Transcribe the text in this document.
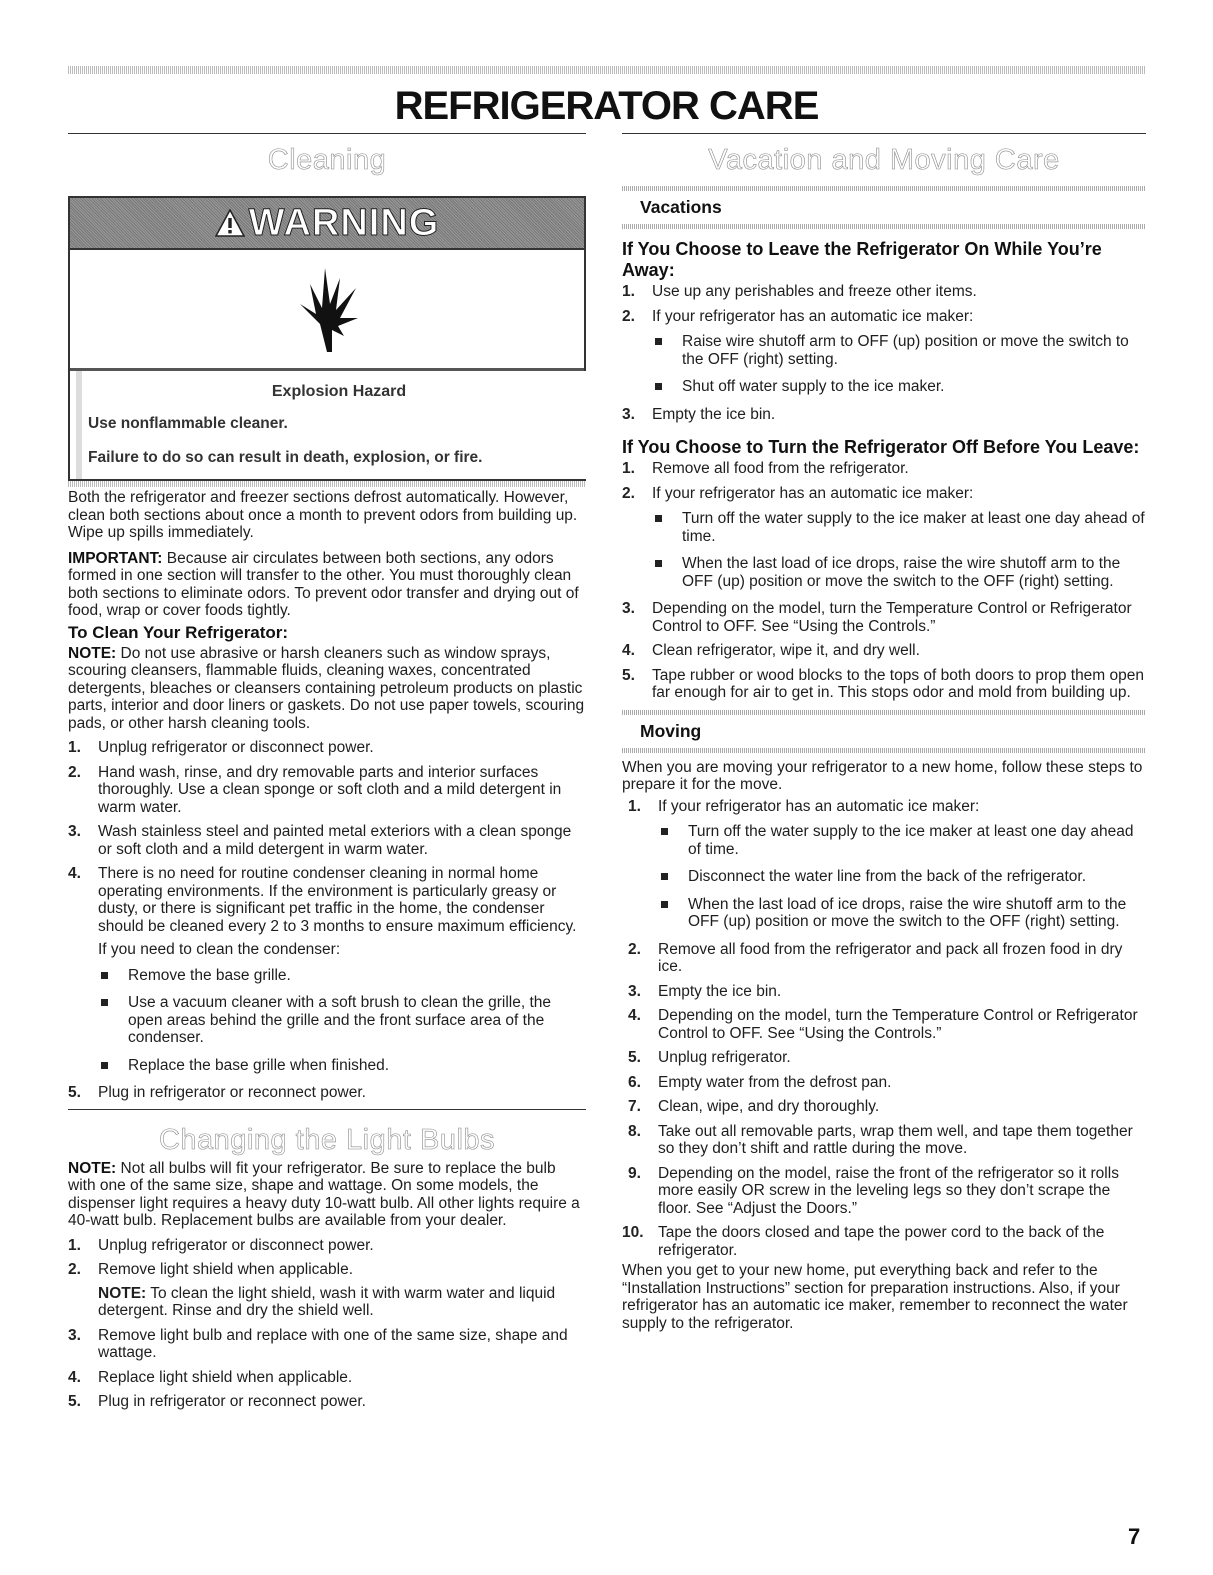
REFRIGERATOR CARE
Cleaning
WARNING
Explosion Hazard
Use nonflammable cleaner.
Failure to do so can result in death, explosion, or fire.

Both the refrigerator and freezer sections defrost automatically. However, clean both sections about once a month to prevent odors from building up. Wipe up spills immediately.

IMPORTANT: Because air circulates between both sections, any odors formed in one section will transfer to the other. You must thoroughly clean both sections to eliminate odors. To prevent odor transfer and drying out of food, wrap or cover foods tightly.

To Clean Your Refrigerator:

NOTE: Do not use abrasive or harsh cleaners such as window sprays, scouring cleansers, flammable fluids, cleaning waxes, concentrated detergents, bleaches or cleansers containing petroleum products on plastic parts, interior and door liners or gaskets. Do not use paper towels, scouring pads, or other harsh cleaning tools.

1. Unplug refrigerator or disconnect power.
2. Hand wash, rinse, and dry removable parts and interior surfaces thoroughly. Use a clean sponge or soft cloth and a mild detergent in warm water.
3. Wash stainless steel and painted metal exteriors with a clean sponge or soft cloth and a mild detergent in warm water.
4. There is no need for routine condenser cleaning in normal home operating environments. If the environment is particularly greasy or dusty, or there is significant pet traffic in the home, the condenser should be cleaned every 2 to 3 months to ensure maximum efficiency.
If you need to clean the condenser:
Remove the base grille.
Use a vacuum cleaner with a soft brush to clean the grille, the open areas behind the grille and the front surface area of the condenser.
Replace the base grille when finished.
5. Plug in refrigerator or reconnect power.
Changing the Light Bulbs

NOTE: Not all bulbs will fit your refrigerator. Be sure to replace the bulb with one of the same size, shape and wattage. On some models, the dispenser light requires a heavy duty 10-watt bulb. All other lights require a 40-watt bulb. Replacement bulbs are available from your dealer.

1. Unplug refrigerator or disconnect power.
2. Remove light shield when applicable.
NOTE: To clean the light shield, wash it with warm water and liquid detergent. Rinse and dry the shield well.
3. Remove light bulb and replace with one of the same size, shape and wattage.
4. Replace light shield when applicable.
5. Plug in refrigerator or reconnect power.
Vacation and Moving Care
Vacations
If You Choose to Leave the Refrigerator On While You’re Away:
1. Use up any perishables and freeze other items.
2. If your refrigerator has an automatic ice maker:
Raise wire shutoff arm to OFF (up) position or move the switch to the OFF (right) setting.
Shut off water supply to the ice maker.
3. Empty the ice bin.
If You Choose to Turn the Refrigerator Off Before You Leave:
1. Remove all food from the refrigerator.
2. If your refrigerator has an automatic ice maker:
Turn off the water supply to the ice maker at least one day ahead of time.
When the last load of ice drops, raise the wire shutoff arm to the OFF (up) position or move the switch to the OFF (right) setting.
3. Depending on the model, turn the Temperature Control or Refrigerator Control to OFF. See “Using the Controls.”
4. Clean refrigerator, wipe it, and dry well.
5. Tape rubber or wood blocks to the tops of both doors to prop them open far enough for air to get in. This stops odor and mold from building up.
Moving

When you are moving your refrigerator to a new home, follow these steps to prepare it for the move.

1. If your refrigerator has an automatic ice maker:
Turn off the water supply to the ice maker at least one day ahead of time.
Disconnect the water line from the back of the refrigerator.
When the last load of ice drops, raise the wire shutoff arm to the OFF (up) position or move the switch to the OFF (right) setting.
2. Remove all food from the refrigerator and pack all frozen food in dry ice.
3. Empty the ice bin.
4. Depending on the model, turn the Temperature Control or Refrigerator Control to OFF. See “Using the Controls.”
5. Unplug refrigerator.
6. Empty water from the defrost pan.
7. Clean, wipe, and dry thoroughly.
8. Take out all removable parts, wrap them well, and tape them together so they don’t shift and rattle during the move.
9. Depending on the model, raise the front of the refrigerator so it rolls more easily OR screw in the leveling legs so they don’t scrape the floor. See “Adjust the Doors.”
10. Tape the doors closed and tape the power cord to the back of the refrigerator.

When you get to your new home, put everything back and refer to the “Installation Instructions” section for preparation instructions. Also, if your refrigerator has an automatic ice maker, remember to reconnect the water supply to the refrigerator.

7
